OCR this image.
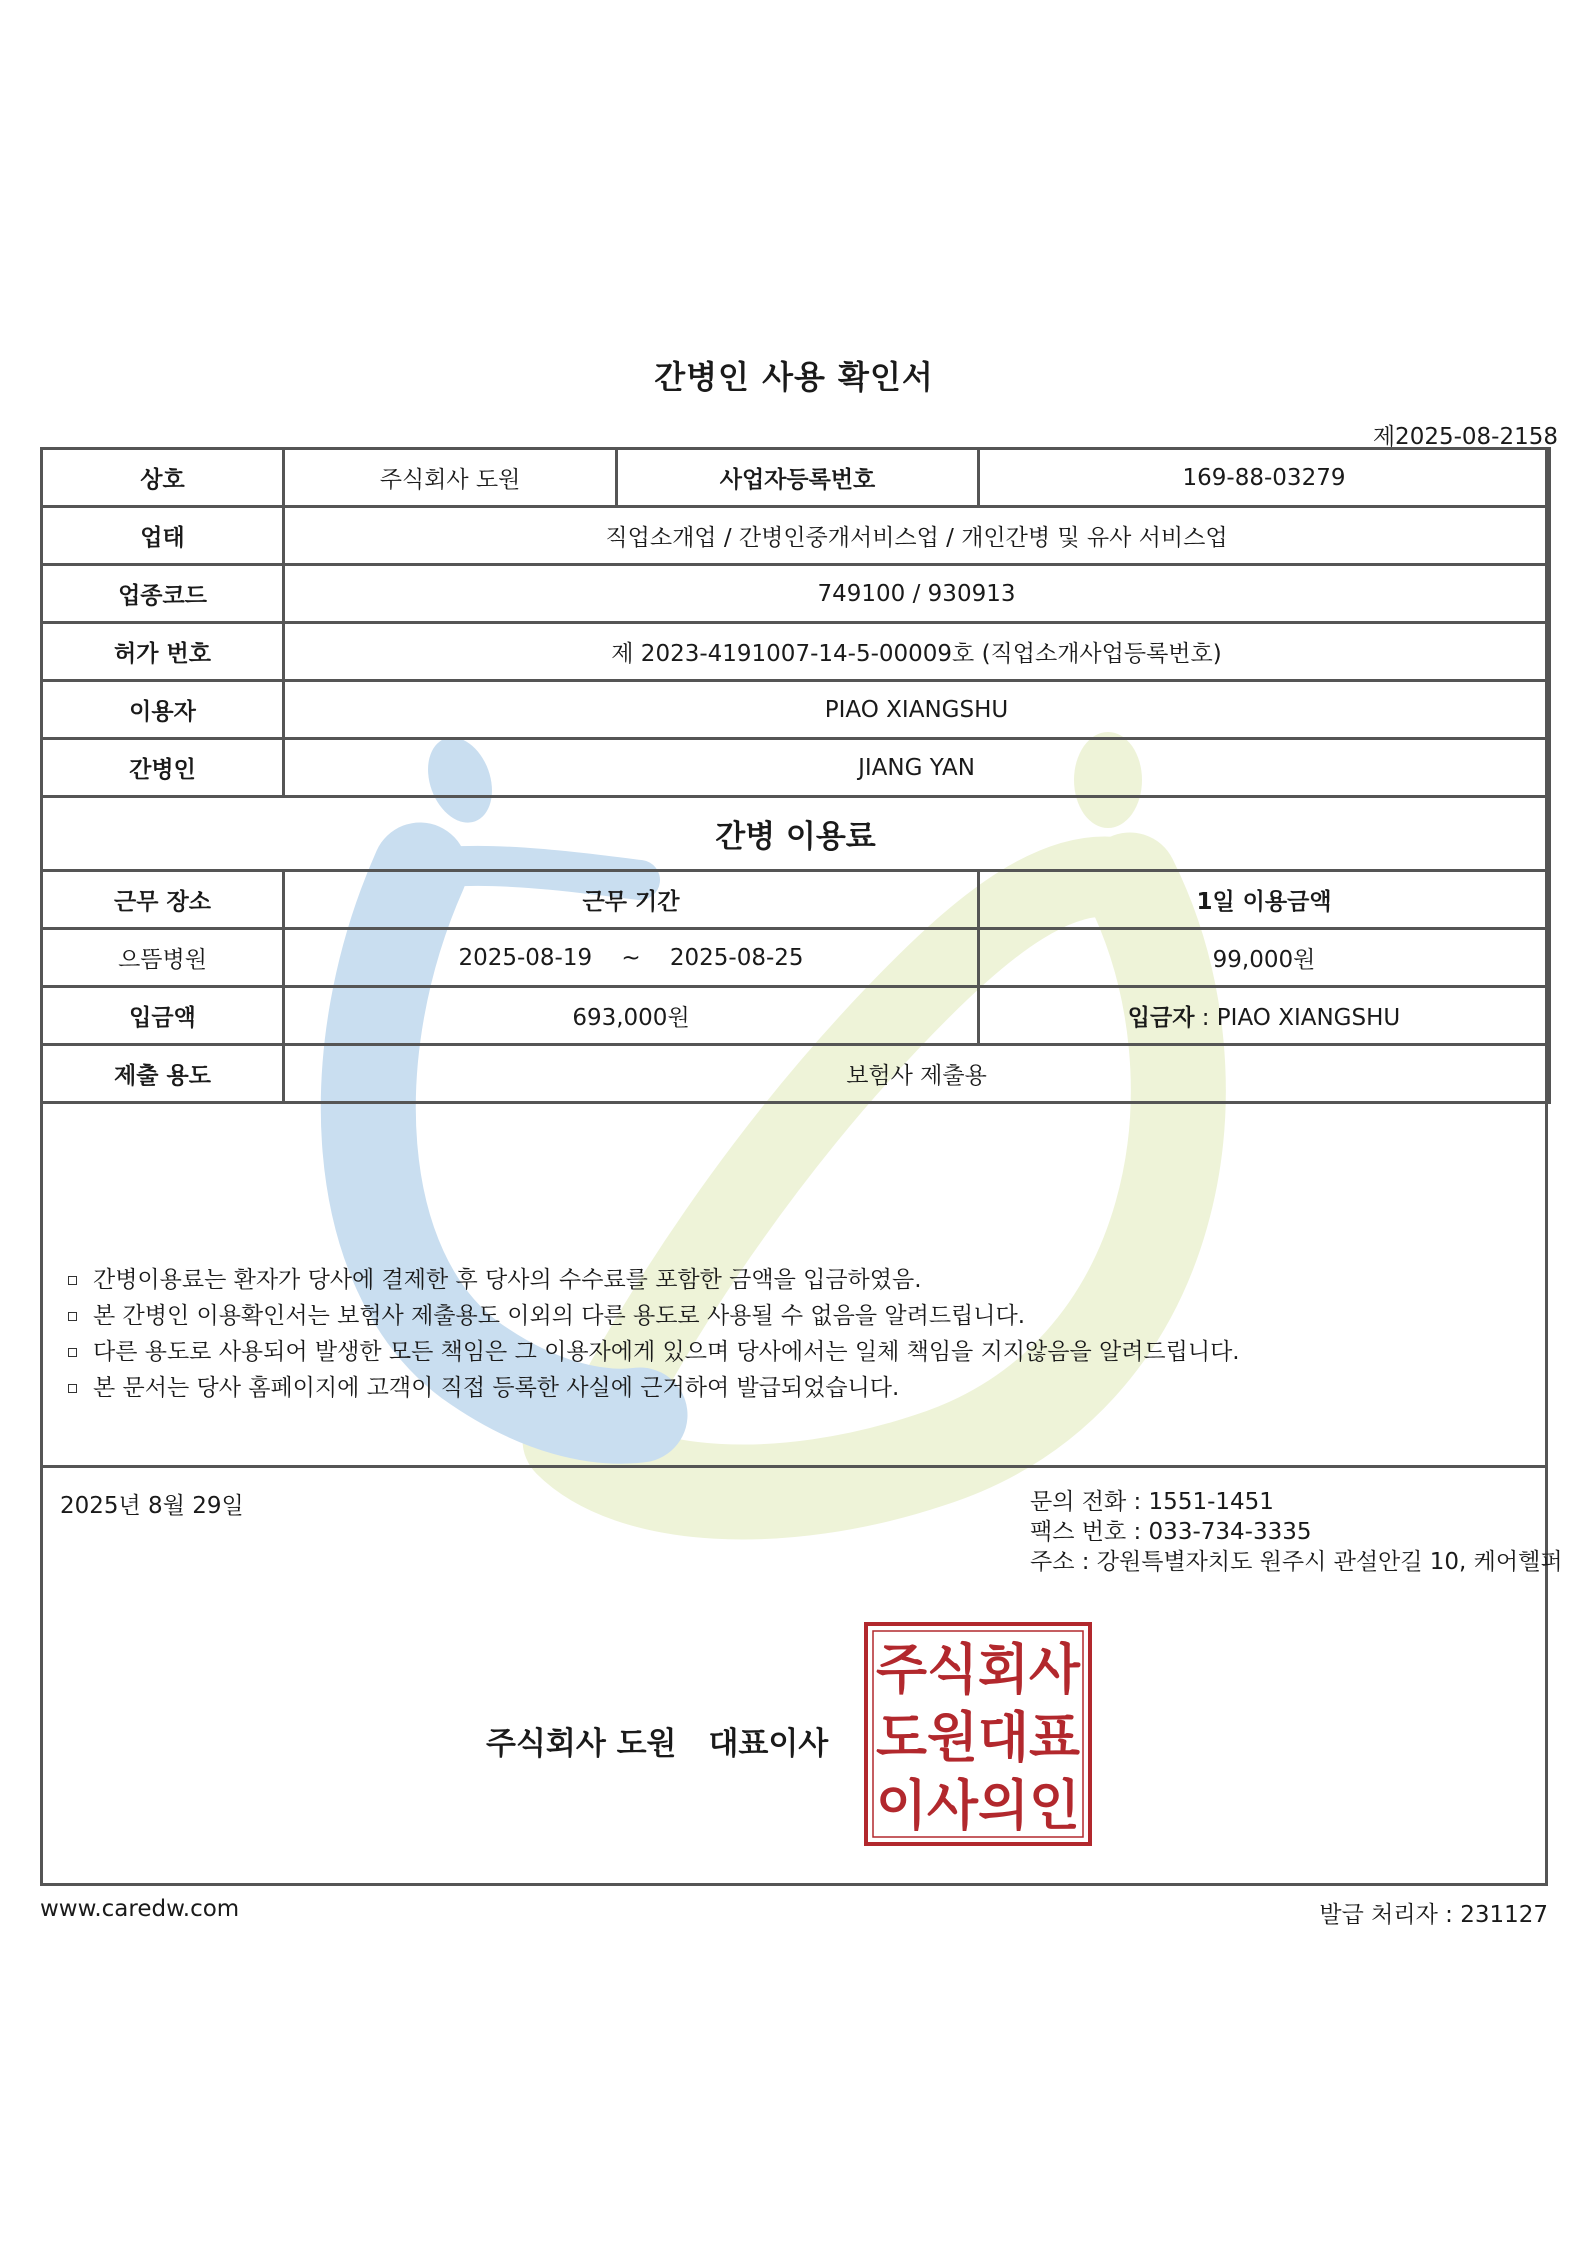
간병인 사용 확인서
제2025-08-2158
상호	주식회사 도원	사업자등록번호	169-88-03279
업태	직업소개업 / 간병인중개서비스업 / 개인간병 및 유사 서비스업		
업종코드	749100 / 930913		
허가 번호	제 2023-4191007-14-5-00009호 (직업소개사업등록번호)		
이용자	PIAO XIANGSHU		
간병인	JIANG YAN		
간병 이용료			
근무 장소	근무 기간		1일 이용금액
으뜸병원	2025-08-19    ~    2025-08-25		99,000원
입금액	693,000원		입금자 : PIAO XIANGSHU
제출 용도	보험사 제출용		
간병이용료는 환자가 당사에 결제한 후 당사의 수수료를 포함한 금액을 입금하였음.
본 간병인 이용확인서는 보험사 제출용도 이외의 다른 용도로 사용될 수 없음을 알려드립니다.
다른 용도로 사용되어 발생한 모든 책임은 그 이용자에게 있으며 당사에서는 일체 책임을 지지않음을 알려드립니다.
본 문서는 당사 홈페이지에 고객이 직접 등록한 사실에 근거하여 발급되었습니다.
2025년 8월 29일	문의 전화 : 1551-1451
팩스 번호 : 033-734-3335
주소 : 강원특별자치도 원주시 관설안길 10, 케어헬퍼
주식회사 도원 대표이사
주식회사
도원대표
이사의인
www.caredw.com	발급 처리자 : 231127
